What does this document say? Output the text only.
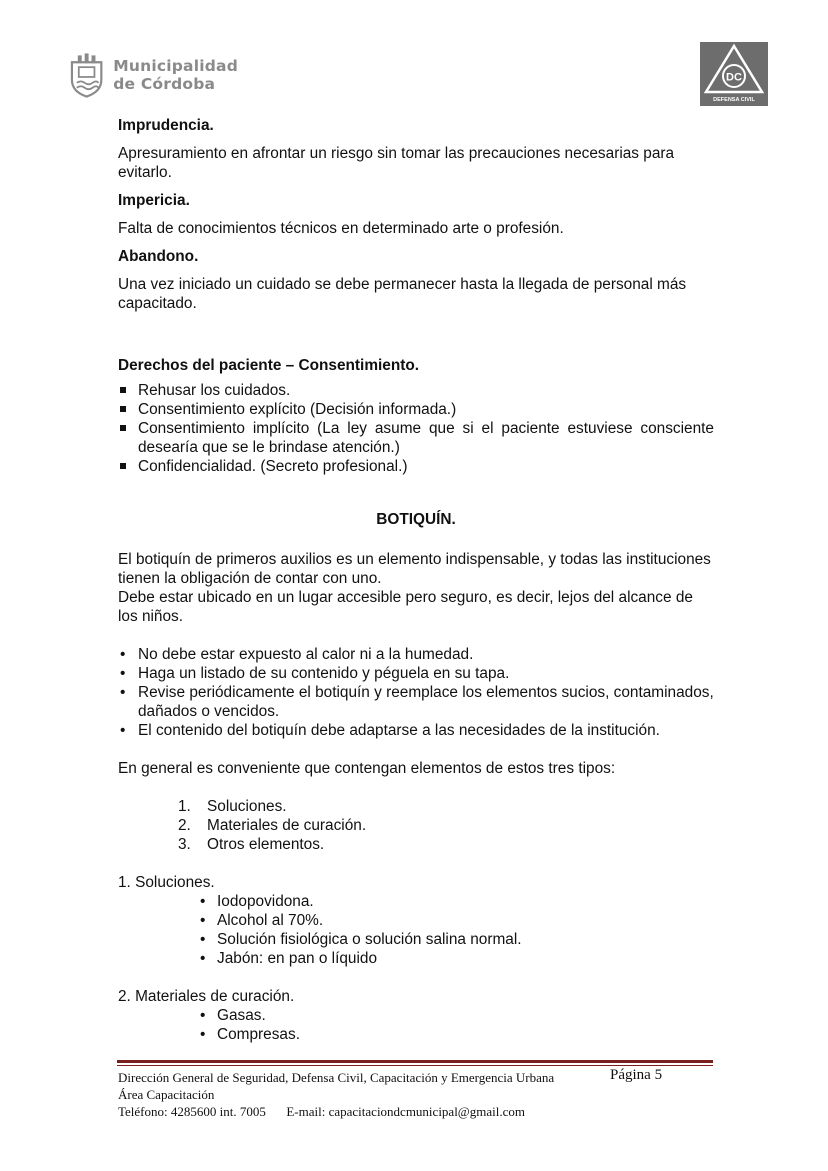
Municipalidad
de Córdoba	DC
DEFENSA CIVIL
Imprudencia.
Apresuramiento en afrontar un riesgo sin tomar las precauciones necesarias para evitarlo.
Impericia.
Falta de conocimientos técnicos en determinado arte o profesión.
Abandono.
Una vez iniciado un cuidado se debe permanecer hasta la llegada de personal más capacitado.
Derechos del paciente – Consentimiento.
Rehusar los cuidados.
Consentimiento explícito (Decisión informada.)
Consentimiento implícito (La ley asume que si el paciente estuviese consciente desearía que se le brindase atención.)
Confidencialidad. (Secreto profesional.)
BOTIQUÍN.
El botiquín de primeros auxilios es un elemento indispensable, y todas las instituciones tienen la obligación de contar con uno.
Debe estar ubicado en un lugar accesible pero seguro, es decir, lejos del alcance de los niños.
• No debe estar expuesto al calor ni a la humedad.
• Haga un listado de su contenido y péguela en su tapa.
• Revise periódicamente el botiquín y reemplace los elementos sucios, contaminados, dañados o vencidos.
• El contenido del botiquín debe adaptarse a las necesidades de la institución.
En general es conveniente que contengan elementos de estos tres tipos:
1. Soluciones.
2. Materiales de curación.
3. Otros elementos.
1. Soluciones.
• Iodopovidona.
• Alcohol al 70%.
• Solución fisiológica o solución salina normal.
• Jabón: en pan o líquido
2. Materiales de curación.
• Gasas.
• Compresas.
Dirección General de Seguridad, Defensa Civil, Capacitación y Emergencia Urbana
Área Capacitación
Teléfono: 4285600 int. 7005 E-mail: capacitaciondcmunicipal@gmail.com
Página 5
